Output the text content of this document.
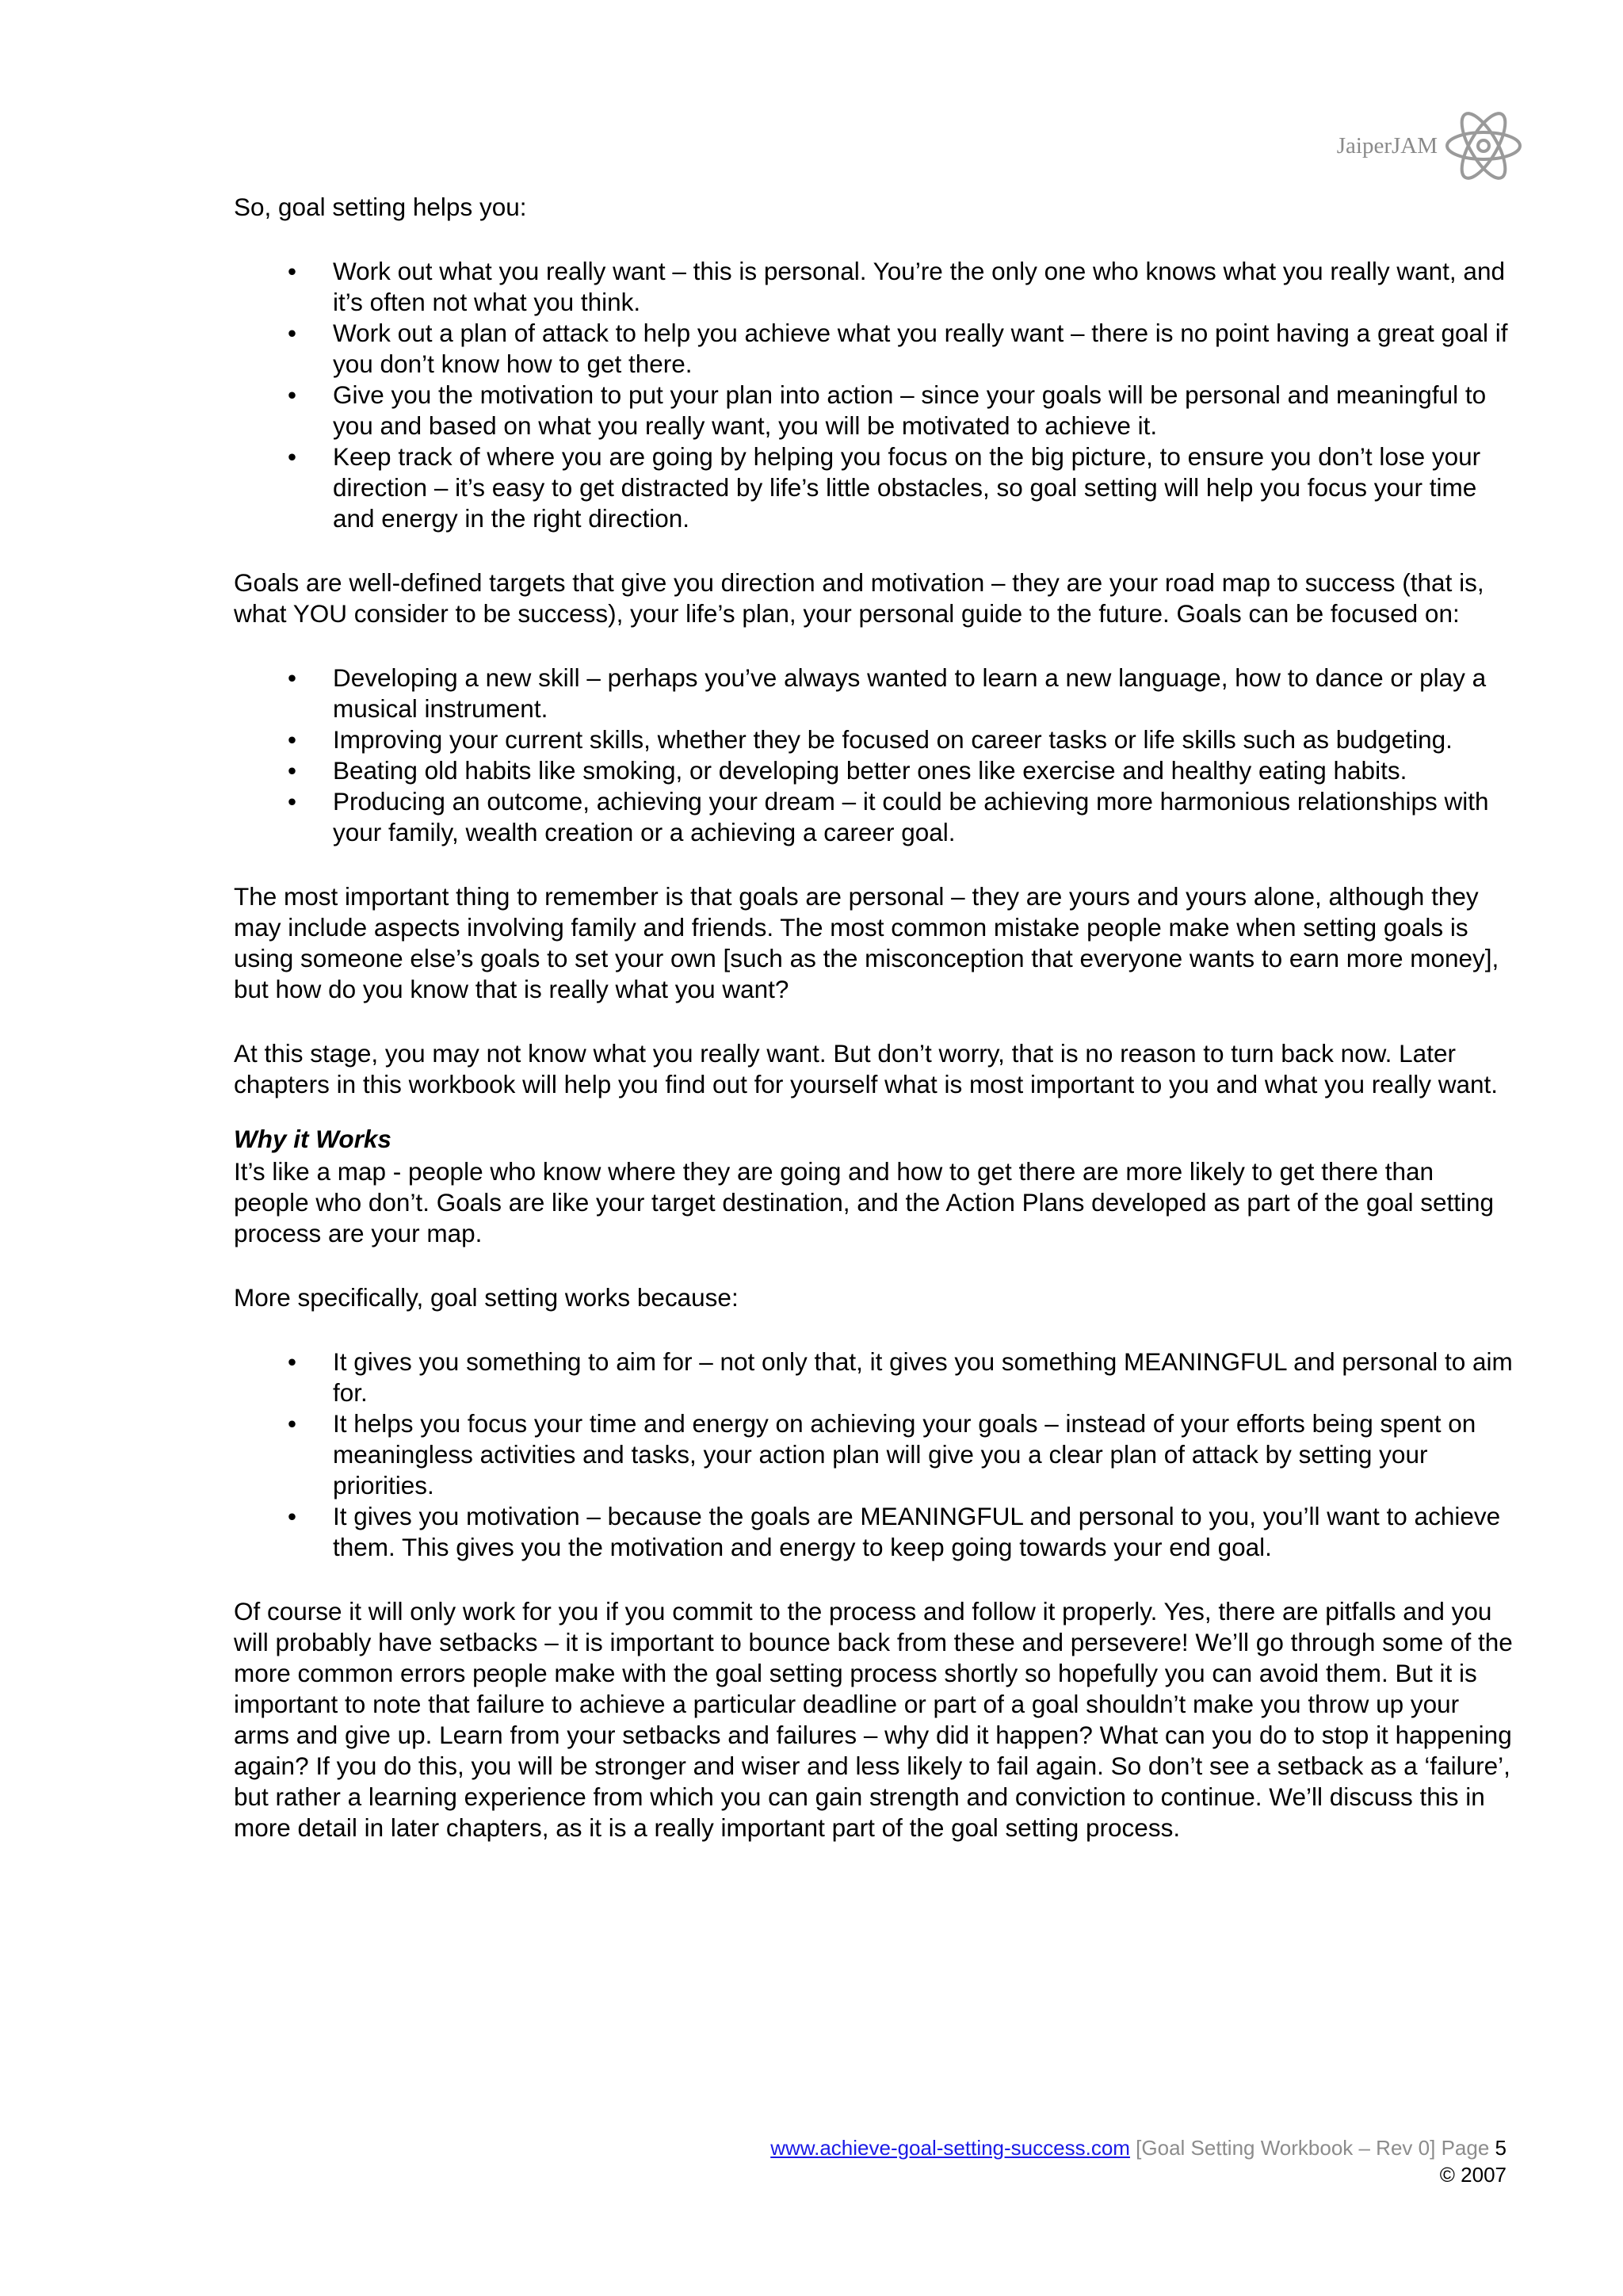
JaiperJAM

So, goal setting helps you:

• Work out what you really want – this is personal. You’re the only one who knows what you really want, and it’s often not what you think.
• Work out a plan of attack to help you achieve what you really want – there is no point having a great goal if you don’t know how to get there.
• Give you the motivation to put your plan into action – since your goals will be personal and meaningful to you and based on what you really want, you will be motivated to achieve it.
• Keep track of where you are going by helping you focus on the big picture, to ensure you don’t lose your direction – it’s easy to get distracted by life’s little obstacles, so goal setting will help you focus your time and energy in the right direction.

Goals are well-defined targets that give you direction and motivation – they are your road map to success (that is, what YOU consider to be success), your life’s plan, your personal guide to the future. Goals can be focused on:

• Developing a new skill – perhaps you’ve always wanted to learn a new language, how to dance or play a musical instrument.
• Improving your current skills, whether they be focused on career tasks or life skills such as budgeting.
• Beating old habits like smoking, or developing better ones like exercise and healthy eating habits.
• Producing an outcome, achieving your dream – it could be achieving more harmonious relationships with your family, wealth creation or a achieving a career goal.

The most important thing to remember is that goals are personal – they are yours and yours alone, although they may include aspects involving family and friends. The most common mistake people make when setting goals is using someone else’s goals to set your own [such as the misconception that everyone wants to earn more money], but how do you know that is really what you want?

At this stage, you may not know what you really want. But don’t worry, that is no reason to turn back now. Later chapters in this workbook will help you find out for yourself what is most important to you and what you really want.

Why it Works

It’s like a map - people who know where they are going and how to get there are more likely to get there than people who don’t. Goals are like your target destination, and the Action Plans developed as part of the goal setting process are your map.

More specifically, goal setting works because:

• It gives you something to aim for – not only that, it gives you something MEANINGFUL and personal to aim for.
• It helps you focus your time and energy on achieving your goals – instead of your efforts being spent on meaningless activities and tasks, your action plan will give you a clear plan of attack by setting your priorities.
• It gives you motivation – because the goals are MEANINGFUL and personal to you, you’ll want to achieve them. This gives you the motivation and energy to keep going towards your end goal.

Of course it will only work for you if you commit to the process and follow it properly. Yes, there are pitfalls and you will probably have setbacks – it is important to bounce back from these and persevere! We’ll go through some of the more common errors people make with the goal setting process shortly so hopefully you can avoid them. But it is important to note that failure to achieve a particular deadline or part of a goal shouldn’t make you throw up your arms and give up. Learn from your setbacks and failures – why did it happen? What can you do to stop it happening again? If you do this, you will be stronger and wiser and less likely to fail again. So don’t see a setback as a ‘failure’, but rather a learning experience from which you can gain strength and conviction to continue. We’ll discuss this in more detail in later chapters, as it is a really important part of the goal setting process.

www.achieve-goal-setting-success.com [Goal Setting Workbook – Rev 0] Page 5
© 2007
